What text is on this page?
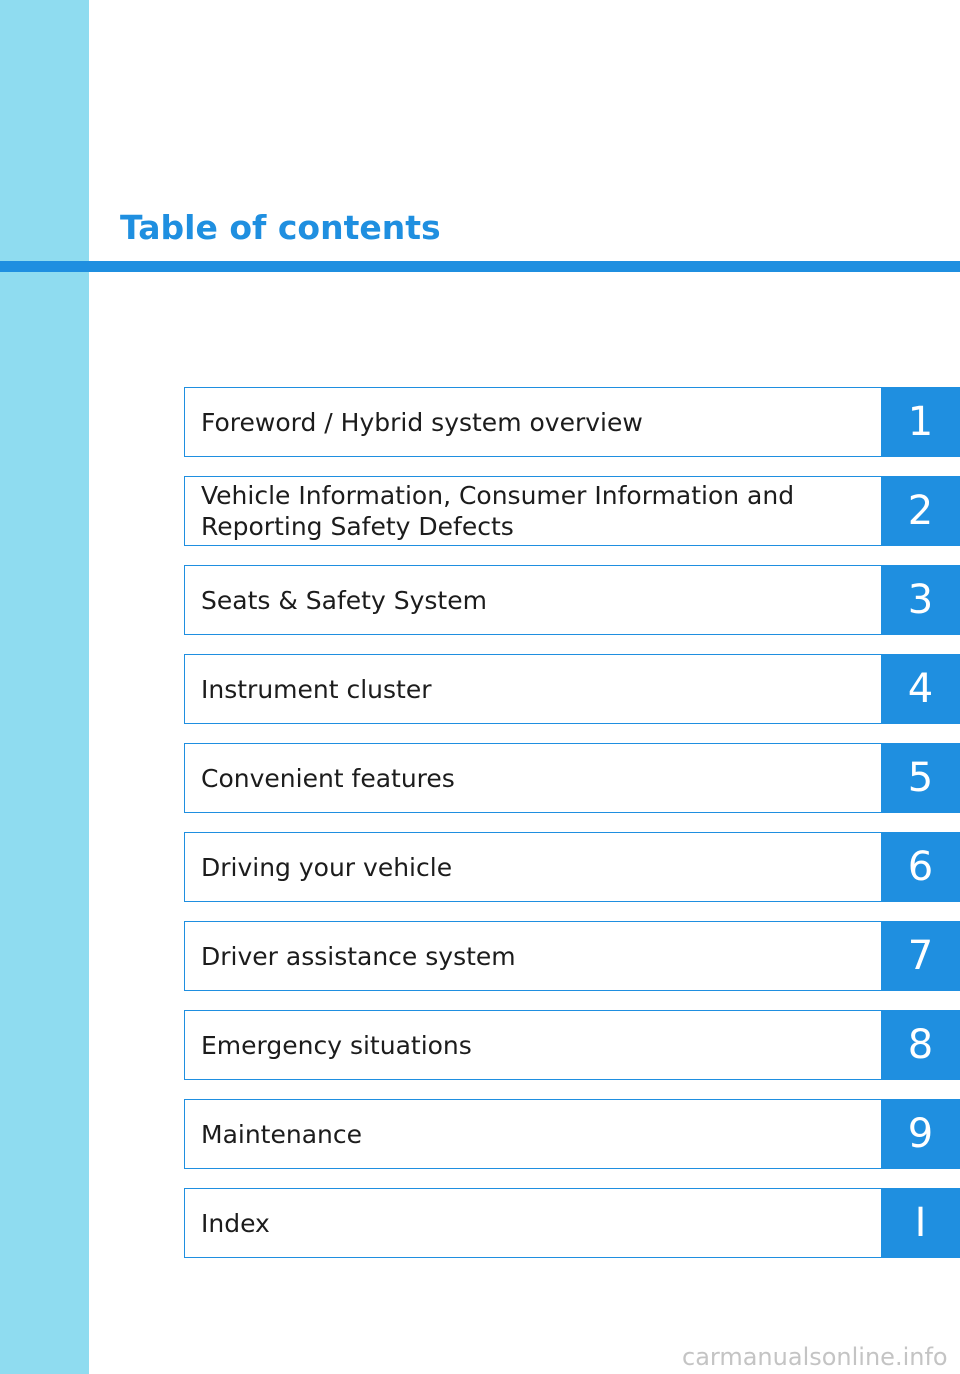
Table of contents
Foreword / Hybrid system overview	1
Vehicle Information, Consumer Information and
Reporting Safety Defects	2
Seats & Safety System	3
Instrument cluster	4
Convenient features	5
Driving your vehicle	6
Driver assistance system	7
Emergency situations	8
Maintenance	9
Index	I
carmanualsonline.info
